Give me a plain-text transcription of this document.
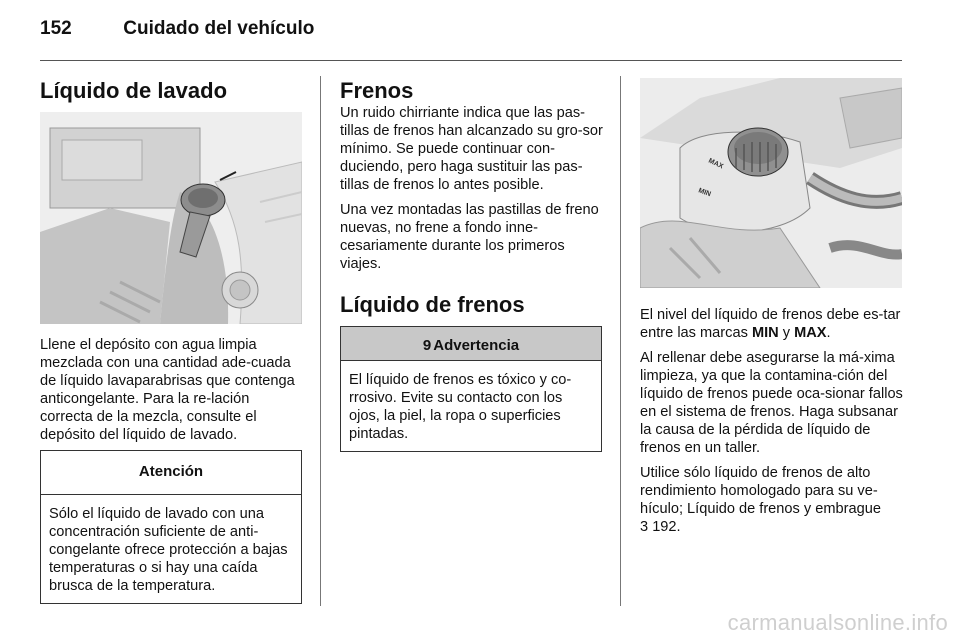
152	Cuidado del vehículo
Líquido de lavado

Llene el depósito con agua limpia mezclada con una cantidad ade-cuada de líquido lavaparabrisas que contenga anticongelante. Para la re-lación correcta de la mezcla, consulte el depósito del líquido de lavado.

Atención
Sólo el líquido de lavado con una concentración suficiente de anti-congelante ofrece protección a bajas temperaturas o si hay una caída brusca de la temperatura.
Frenos

Un ruido chirriante indica que las pas-tillas de frenos han alcanzado su gro-sor mínimo. Se puede continuar con-duciendo, pero haga sustituir las pas-tillas de frenos lo antes posible.

Una vez montadas las pastillas de freno nuevas, no frene a fondo inne-cesariamente durante los primeros viajes.

Líquido de frenos
9 Advertencia
El líquido de frenos es tóxico y co-rrosivo. Evite su contacto con los ojos, la piel, la ropa o superficies pintadas.
MAX
MIN

El nivel del líquido de frenos debe es-tar entre las marcas MIN y MAX.

Al rellenar debe asegurarse la má-xima limpieza, ya que la contamina-ción del líquido de frenos puede oca-sionar fallos en el sistema de frenos. Haga subsanar la causa de la pérdida de líquido de frenos en un taller.

Utilice sólo líquido de frenos de alto rendimiento homologado para su ve-hículo; Líquido de frenos y embrague
3 192.

carmanualsonline.info
